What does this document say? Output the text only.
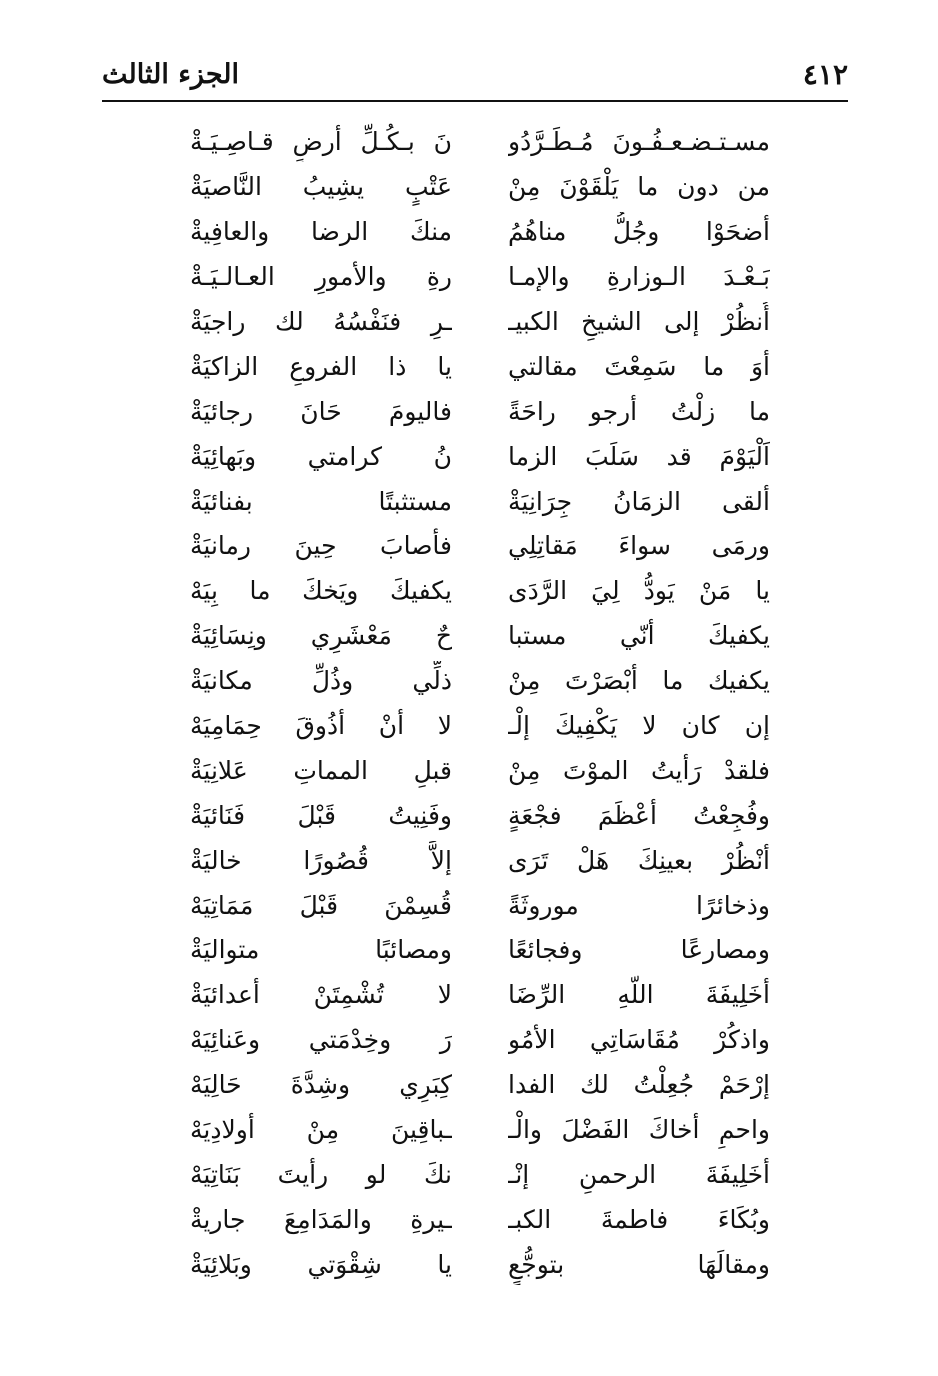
٤١٢
الجزء الثالث
مسـتـضـعـفُـونَ مُـطَـرَّدُو
نَ بـكُـلِّ أرضٍ قـاصِـيَـةْ
من دون ما يَلْقَوْنَ مِنْ
عَتْبٍ يشِيبُ النَّاصيَةْ
أضحَوْا وجُلُّ مناهُمُ
منكَ الرضا والعافِيةْ
بَـعْـدَ الـوزارةِ والإمـا
رةِ والأمورِ العـالـيَـةْ
أُنظُرْ إلى الشيخِ الكبيـ
ـرِ فنَفْسُهُ لك راجيَةْ
أوَ ما سَمِعْتَ مقالتي
يا ذا الفروعِ الزاكيَةْ
ما زلْتُ أرجو راحَةً
فاليومَ حَانَ رجائيَةْ
اَلْيَوْمَ قد سَلَبَ الزما
نُ كرامتي وبَهائِيَةْ
ألقى الزمَانُ جِرَانِيَةْ
مستثبتًا بفنائيَةْ
ورمَى سواءَ مَقاتِلِي
فأصابَ حِينَ رمانيَةْ
يا مَنْ يَودُّ لِيَ الرَّدَى
يكفيكَ ويَخكَ ما بِيَهْ
يكفيكَ أنّي مستبا
حٌ مَعْشَرِي ونِسَائِيَةْ
يكفيك ما أبْصَرْتَ مِنْ
ذلِّي وذُلِّ مكانيَةْ
إن كان لا يَكْفِيكَ إلْـ
لا أنْ أذُوقَ حِمَامِيَهْ
فلقدْ رَأيتُ الموْتَ مِنْ
قبلِ المماتِ عَلانِيَةْ
وفُجِعْتُ أعْظَمَ فجْعَةٍ
وفَنِيتُ قَبْلَ فَنَائيَةْ
أنْظُرْ بعينِكَ هَلْ تَرَى
إلاَّ قُصُورًا خاليَةْ
وذخائرًا موروثَةً
قُسِمْنَ قَبْلَ مَمَاتِيَهْ
ومصارعًا وفجائعًا
ومصائبًا متواليَةْ
أخَلِيفَةَ اللّهِ الرِّضَا
لا تُشْمِتَنْ أعدائيَةْ
واذكُرْ مُقَاسَاتِي الأمُو
رَ وخِدْمَتي وعَنائِيَهْ
إرْحَمْ جُعِلْتُ لك الفدا
كِبَرِي وشِدَّةَ حَالِيَهْ
واحمِ أخاكَ الفَضْلَ والْـ
ـباقِينَ مِنْ أولادِيَهْ
أخَلِيفَةَ الرحمنِ إنْـ
نكَ لو رأيتَ بَنَاتِيَهْ
وبُكَاءَ فاطمةَ الكبـ
ـيرةِ والمَدَامِعَ جاريةْ
ومقالَهَا بتوجُّعٍ
يا شِقْوَتي وبَلائِيَةْ
